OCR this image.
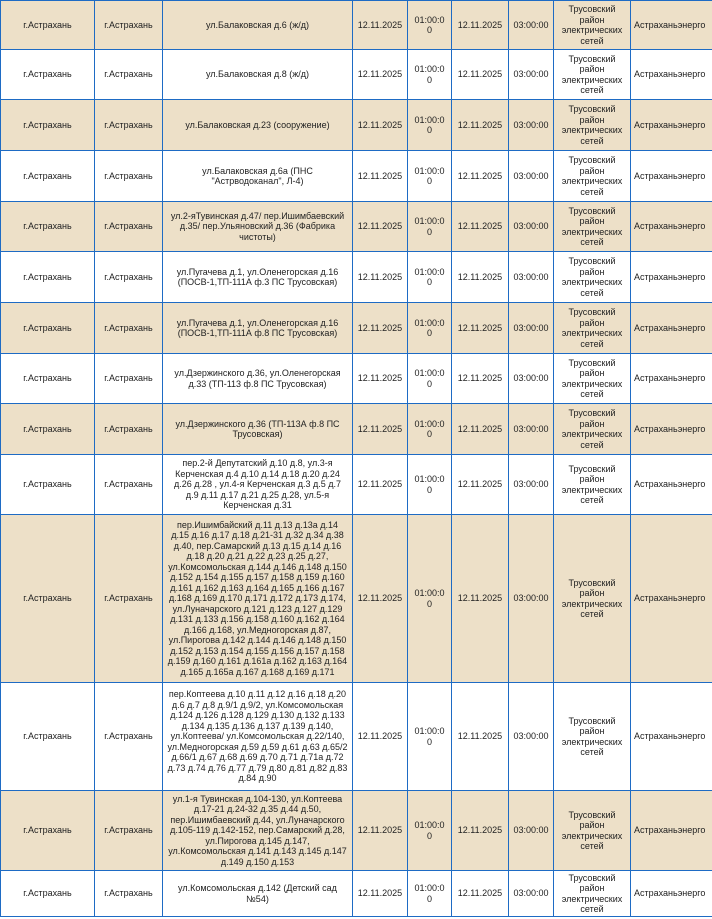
г.Астрахань	г.Астрахань	ул.Балаковская д.6 (ж/д)	12.11.2025	01:00:00	12.11.2025	03:00:00	Трусовский район электрических сетей	Астраханьэнерго
г.Астрахань	г.Астрахань	ул.Балаковская д.8 (ж/д)	12.11.2025	01:00:00	12.11.2025	03:00:00	Трусовский район электрических сетей	Астраханьэнерго
г.Астрахань	г.Астрахань	ул.Балаковская д.23 (сооружение)	12.11.2025	01:00:00	12.11.2025	03:00:00	Трусовский район электрических сетей	Астраханьэнерго
г.Астрахань	г.Астрахань	ул.Балаковская д.6а (ПНС "Астрводоканал", Л-4)	12.11.2025	01:00:00	12.11.2025	03:00:00	Трусовский район электрических сетей	Астраханьэнерго
г.Астрахань	г.Астрахань	ул.2-яТувинская д.47/ пер.Ишимбаевский д.35/ пер.Ульяновский д.36 (Фабрика чистоты)	12.11.2025	01:00:00	12.11.2025	03:00:00	Трусовский район электрических сетей	Астраханьэнерго
г.Астрахань	г.Астрахань	ул.Пугачева д.1, ул.Оленегорская д.16 (ПОСВ-1,ТП-111А ф.3 ПС Трусовская)	12.11.2025	01:00:00	12.11.2025	03:00:00	Трусовский район электрических сетей	Астраханьэнерго
г.Астрахань	г.Астрахань	ул.Пугачева д.1, ул.Оленегорская д.16 (ПОСВ-1,ТП-111А ф.8 ПС Трусовская)	12.11.2025	01:00:00	12.11.2025	03:00:00	Трусовский район электрических сетей	Астраханьэнерго
г.Астрахань	г.Астрахань	ул.Дзержинского д.36, ул.Оленегорская д.33 (ТП-113 ф.8 ПС Трусовская)	12.11.2025	01:00:00	12.11.2025	03:00:00	Трусовский район электрических сетей	Астраханьэнерго
г.Астрахань	г.Астрахань	ул.Дзержинского д.36 (ТП-113А ф.8 ПС Трусовская)	12.11.2025	01:00:00	12.11.2025	03:00:00	Трусовский район электрических сетей	Астраханьэнерго
г.Астрахань	г.Астрахань	пер.2-й Депутатский д.10 д.8, ул.3-я Керченская д.4 д.10 д.14 д.18 д.20 д.24 д.26 д.28 , ул.4-я Керченская д.3 д.5 д.7 д.9 д.11 д.17 д.21 д.25 д.28, ул.5-я Керченская д.31	12.11.2025	01:00:00	12.11.2025	03:00:00	Трусовский район электрических сетей	Астраханьэнерго
г.Астрахань	г.Астрахань	пер.Ишимбайский д.11 д.13 д.13а д.14 д.15 д.16 д.17 д.18 д.21-31 д.32 д.34 д.38 д.40, пер.Самарский д.13 д.15 д.14 д.16 д.18 д.20 д.21 д.22 д.23 д.25 д.27, ул.Комсомольская д.144 д.146 д.148 д.150 д.152 д.154 д.155 д.157 д.158 д.159 д.160 д.161 д.162 д.163 д.164 д.165 д.166 д.167 д.168 д.169 д.170 д.171 д.172 д.173 д.174, ул.Луначарского д.121 д.123 д.127 д.129 д.131 д.133 д.156 д.158 д.160 д.162 д.164 д.166 д.168, ул.Медногорская д.87, ул.Пирогова д.142 д.144 д.146 д.148 д.150 д.152 д.153 д.154 д.155 д.156 д.157 д.158 д.159 д.160 д.161 д.161а д.162 д.163 д.164 д.165 д.165а д.167 д.168 д.169 д.171	12.11.2025	01:00:00	12.11.2025	03:00:00	Трусовский район электрических сетей	Астраханьэнерго
г.Астрахань	г.Астрахань	пер.Коптеева д.10 д.11 д.12 д.16 д.18 д.20 д.6 д.7 д.8 д.9/1 д.9/2, ул.Комсомольская д.124 д.126 д.128 д.129 д.130 д.132 д.133 д.134 д.135 д.136 д.137 д.139 д.140, ул.Коптеева/ ул.Комсомольская д.22/140, ул.Медногорская д.59 д.59 д.61 д.63 д.65/2 д.66/1 д.67 д.68 д.69 д.70 д.71 д.71а д.72 д.73 д.74 д.76 д.77 д.79 д.80 д.81 д.82 д.83 д.84 д.90	12.11.2025	01:00:00	12.11.2025	03:00:00	Трусовский район электрических сетей	Астраханьэнерго
г.Астрахань	г.Астрахань	ул.1-я Тувинская д.104-130, ул.Коптеева д.17-21 д.24-32 д.35 д.44 д.50, пер.Ишимбаевский д.44, ул.Луначарского д.105-119 д.142-152, пер.Самарский д.28, ул.Пирогова д.145 д.147, ул.Комсомольская д.141 д.143 д.145 д.147 д.149 д.150 д.153	12.11.2025	01:00:00	12.11.2025	03:00:00	Трусовский район электрических сетей	Астраханьэнерго
г.Астрахань	г.Астрахань	ул.Комсомольская д.142 (Детский сад №54)	12.11.2025	01:00:00	12.11.2025	03:00:00	Трусовский район электрических сетей	Астраханьэнерго
